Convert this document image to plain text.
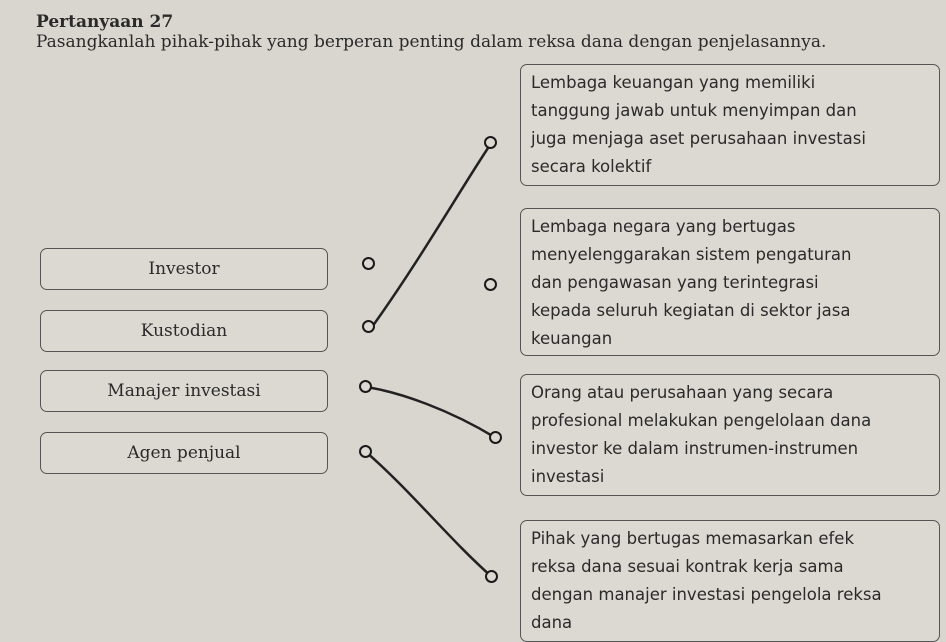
Pertanyaan 27
Pasangkanlah pihak-pihak yang berperan penting dalam reksa dana dengan penjelasannya.
Investor
Kustodian
Manajer investasi
Agen penjual
Lembaga keuangan yang memiliki
tanggung jawab untuk menyimpan dan
juga menjaga aset perusahaan investasi
secara kolektif
Lembaga negara yang bertugas
menyelenggarakan sistem pengaturan
dan pengawasan yang terintegrasi
kepada seluruh kegiatan di sektor jasa
keuangan
Orang atau perusahaan yang secara
profesional melakukan pengelolaan dana
investor ke dalam instrumen-instrumen
investasi
Pihak yang bertugas memasarkan efek
reksa dana sesuai kontrak kerja sama
dengan manajer investasi pengelola reksa
dana
